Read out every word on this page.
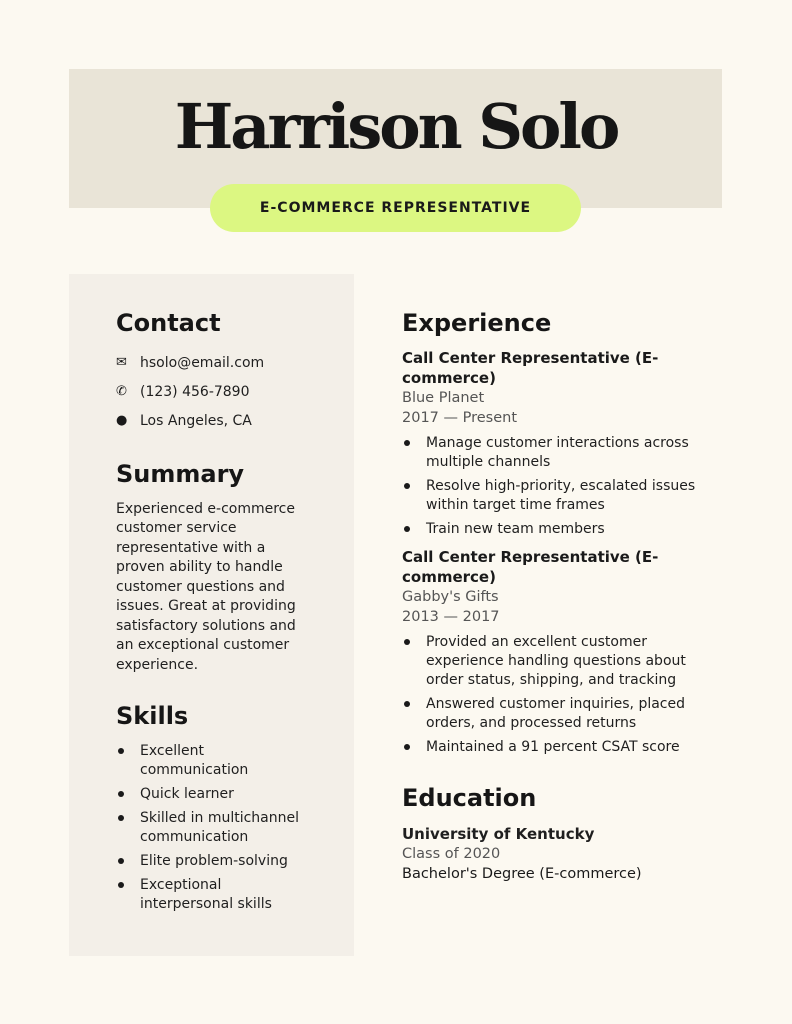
Harrison Solo
E-COMMERCE REPRESENTATIVE
Contact
✉ hsolo@email.com
✆ (123) 456-7890
● Los Angeles, CA
Summary

Experienced e-commerce customer service representative with a proven ability to handle customer questions and issues. Great at providing satisfactory solutions and an exceptional customer experience.

Skills
Excellent communication
Quick learner
Skilled in multichannel communication
Elite problem-solving
Exceptional interpersonal skills
Experience
Call Center Representative (E-commerce)
Blue Planet
2017 — Present
Manage customer interactions across multiple channels
Resolve high-priority, escalated issues within target time frames
Train new team members
Call Center Representative (E-commerce)
Gabby's Gifts
2013 — 2017
Provided an excellent customer experience handling questions about order status, shipping, and tracking
Answered customer inquiries, placed orders, and processed returns
Maintained a 91 percent CSAT score
Education
University of Kentucky
Class of 2020
Bachelor's Degree (E-commerce)
